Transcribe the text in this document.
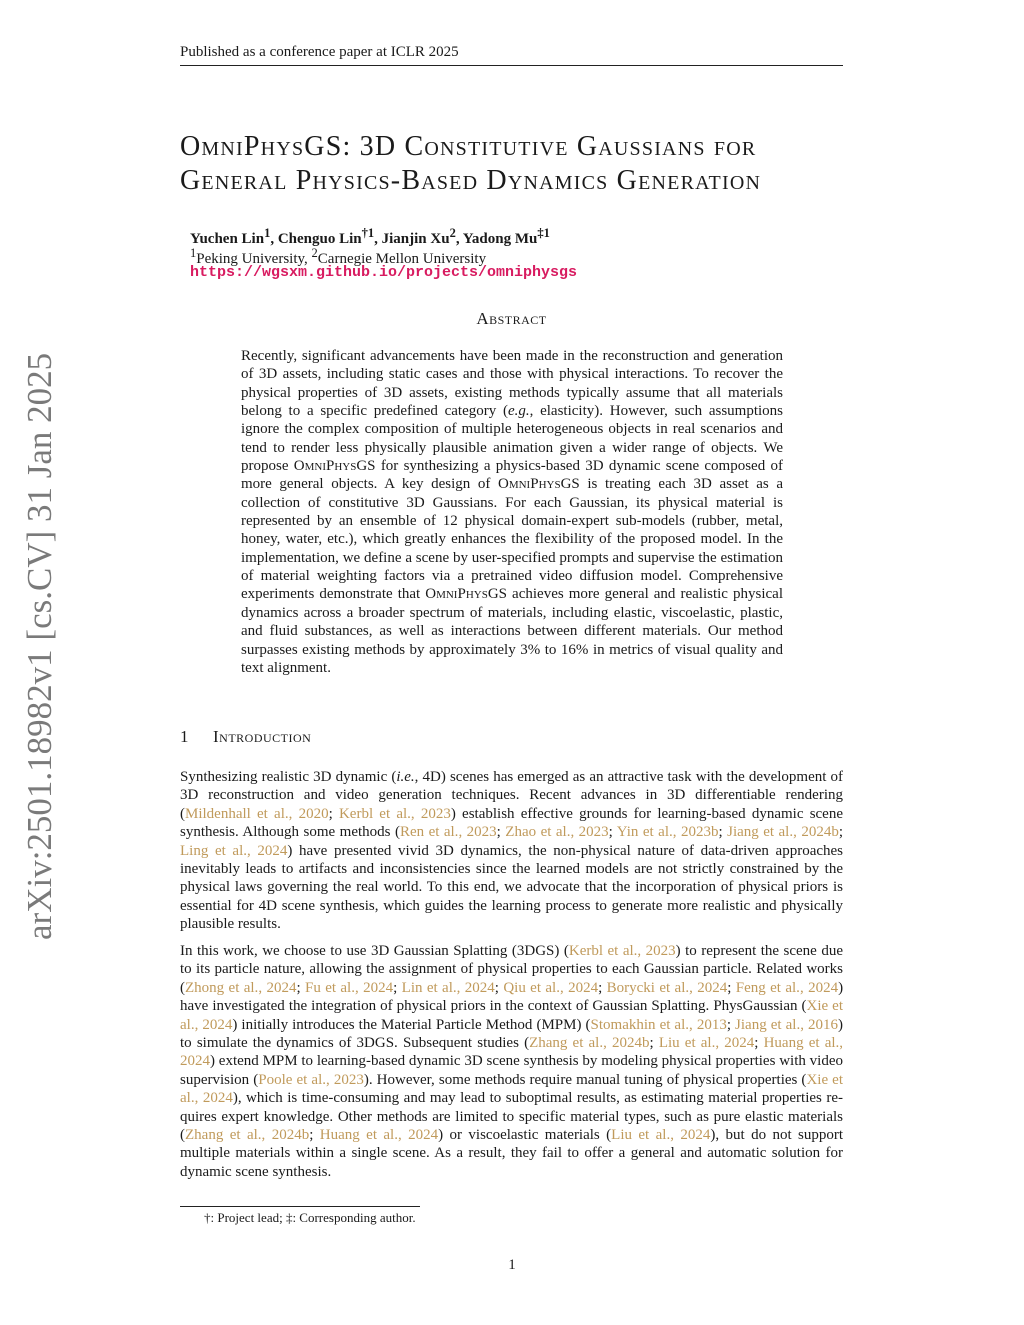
Published as a conference paper at ICLR 2025
arXiv:2501.18982v1 [cs.CV] 31 Jan 2025
OmniPhysGS: 3D Constitutive Gaussians for
General Physics-Based Dynamics Generation
Yuchen Lin$^1$, Chenguo Lin$^{\dagger 1}$, Jianjin Xu$^2$, Yadong Mu$^{\ddagger 1}$
$^1$Peking University, $^2$Carnegie Mellon University
https://wgsxm.github.io/projects/omniphysgs
Abstract
Recently, significant advancements have been made in the reconstruction and generation of 3D assets, including static cases and those with physical interactions. To recover the physical properties of 3D assets, existing methods typically assume that all materials belong to a specific predefined category (e.g., elasticity). However, such assumptions ignore the complex composition of multiple heterogeneous objects in real scenarios and tend to render less physically plausible animation given a wider range of objects. We propose OmniPhysGS for synthesizing a physics-based 3D dynamic scene composed of more general objects. A key design of OmniPhysGS is treating each 3D asset as a collection of constitutive 3D Gaussians. For each Gaussian, its physical material is represented by an ensemble of 12 physical domain-expert sub-models (rubber, metal, honey, water, etc.), which greatly enhances the flexibility of the proposed model. In the implementation, we define a scene by user-specified prompts and supervise the estimation of material weighting factors via a pretrained video diffusion model. Comprehensive experiments demonstrate that OmniPhysGS achieves more general and realistic physical dynamics across a broader spectrum of materials, including elastic, viscoelastic, plastic, and fluid substances, as well as interactions between different materials. Our method surpasses existing methods by approximately 3% to 16% in metrics of visual quality and text alignment.
1 Introduction
Synthesizing realistic 3D dynamic (i.e., 4D) scenes has emerged as an attractive task with the development of 3D reconstruction and video generation techniques. Recent advances in 3D differentiable rendering (Mildenhall et al., 2020; Kerbl et al., 2023) establish effective grounds for learning-based dynamic scene synthesis. Although some methods (Ren et al., 2023; Zhao et al., 2023; Yin et al., 2023b; Jiang et al., 2024b; Ling et al., 2024) have presented vivid 3D dynamics, the non-physical nature of data-driven approaches inevitably leads to artifacts and inconsistencies since the learned models are not strictly constrained by the physical laws governing the real world. To this end, we advocate that the incorporation of physical priors is essential for 4D scene synthesis, which guides the learning process to generate more realistic and physically plausible results.
In this work, we choose to use 3D Gaussian Splatting (3DGS) (Kerbl et al., 2023) to represent the scene due to its particle nature, allowing the assignment of physical properties to each Gaussian particle. Related works (Zhong et al., 2024; Fu et al., 2024; Lin et al., 2024; Qiu et al., 2024; Borycki et al., 2024; Feng et al., 2024) have investigated the integration of physical priors in the context of Gaussian Splatting. PhysGaussian (Xie et al., 2024) initially introduces the Material Particle Method (MPM) (Stomakhin et al., 2013; Jiang et al., 2016) to simulate the dynamics of 3DGS. Subsequent studies (Zhang et al., 2024b; Liu et al., 2024; Huang et al., 2024) extend MPM to learning-based dynamic 3D scene synthesis by modeling physical properties with video supervision (Poole et al., 2023). However, some methods require manual tuning of physical properties (Xie et al., 2024), which is time-consuming and may lead to suboptimal results, as estimating material properties requires expert knowledge. Other methods are limited to specific material types, such as pure elastic materials (Zhang et al., 2024b; Huang et al., 2024) or viscoelastic materials (Liu et al., 2024), but do not support multiple materials within a single scene. As a result, they fail to offer a general and automatic solution for dynamic scene synthesis.
†: Project lead; ‡: Corresponding author.
1
